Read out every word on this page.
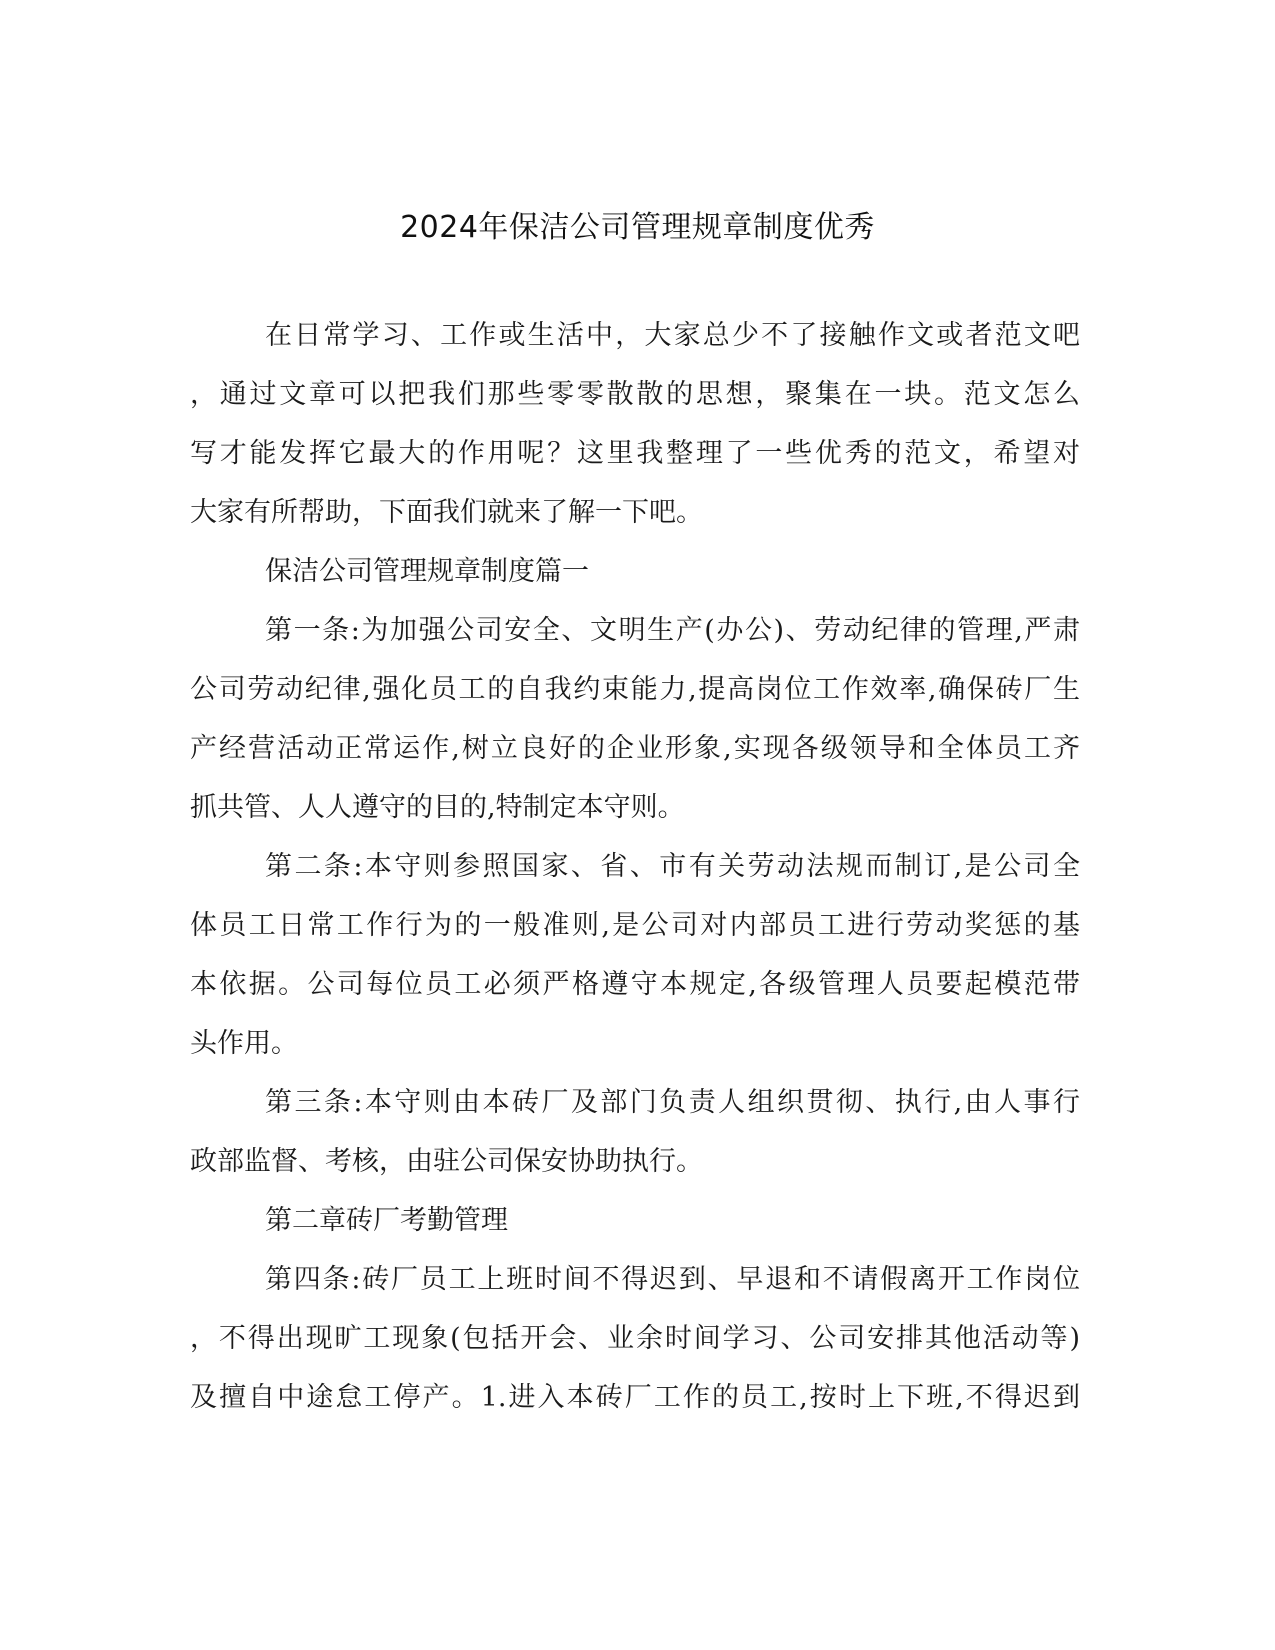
2024年保洁公司管理规章制度优秀
在日常学习、工作或生活中，大家总少不了接触作文或者范文吧
，通过文章可以把我们那些零零散散的思想，聚集在一块。范文怎么
写才能发挥它最大的作用呢？这里我整理了一些优秀的范文，希望对
大家有所帮助，下面我们就来了解一下吧。
保洁公司管理规章制度篇一
第一条:为加强公司安全、文明生产(办公)、劳动纪律的管理,严肃
公司劳动纪律,强化员工的自我约束能力,提高岗位工作效率,确保砖厂生
产经营活动正常运作,树立良好的企业形象,实现各级领导和全体员工齐
抓共管、人人遵守的目的,特制定本守则。
第二条:本守则参照国家、省、市有关劳动法规而制订,是公司全
体员工日常工作行为的一般准则,是公司对内部员工进行劳动奖惩的基
本依据。公司每位员工必须严格遵守本规定,各级管理人员要起模范带
头作用。
第三条:本守则由本砖厂及部门负责人组织贯彻、执行,由人事行
政部监督、考核，由驻公司保安协助执行。
第二章砖厂考勤管理
第四条:砖厂员工上班时间不得迟到、早退和不请假离开工作岗位
，不得出现旷工现象(包括开会、业余时间学习、公司安排其他活动等)
及擅自中途怠工停产。1.进入本砖厂工作的员工,按时上下班,不得迟到
